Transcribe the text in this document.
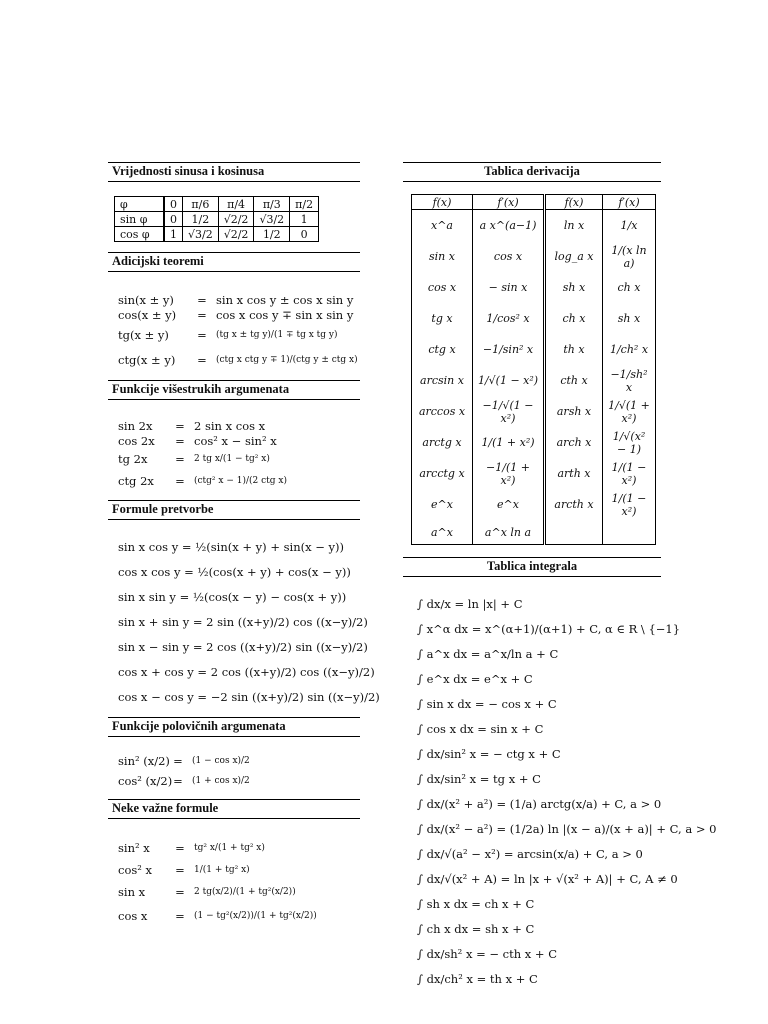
Vrijednosti sinusa i kosinusa
φ	0	π/6	π/4	π/3	π/2
sin φ	0	1/2	√2/2	√3/2	1
cos φ	1	√3/2	√2/2	1/2	0
Adicijski teoremi
sin(x ± y)	= sin x cos y ± cos x sin y
cos(x ± y)	= cos x cos y ∓ sin x sin y
tg(x ± y)	=	(tg x ± tg y)/(1 ∓ tg x tg y)
ctg(x ± y)	=	(ctg x ctg y ∓ 1)/(ctg y ± ctg x)
Funkcije višestrukih argumenata
sin 2x	= 2 sin x cos x
cos 2x	= cos² x − sin² x
tg 2x	=	2 tg x/(1 − tg² x)
ctg 2x	=	(ctg² x − 1)/(2 ctg x)
Formule pretvorbe
sin x cos y = ½(sin(x + y) + sin(x − y))
cos x cos y = ½(cos(x + y) + cos(x − y))
sin x sin y = ½(cos(x − y) − cos(x + y))
sin x + sin y = 2 sin ((x+y)/2) cos ((x−y)/2)
sin x − sin y = 2 cos ((x+y)/2) sin ((x−y)/2)
cos x + cos y = 2 cos ((x+y)/2) cos ((x−y)/2)
cos x − cos y = −2 sin ((x+y)/2) sin ((x−y)/2)
Funkcije polovičnih argumenata
sin² (x/2) =	(1 − cos x)/2
cos² (x/2) =	(1 + cos x)/2
Neke važne formule
sin² x	=	tg² x/(1 + tg² x)
cos² x	=	1/(1 + tg² x)
sin x	=	2 tg(x/2)/(1 + tg²(x/2))
cos x	=	(1 − tg²(x/2))/(1 + tg²(x/2))
Tablica derivacija
f(x)	f′(x)	f(x)	f′(x)
x^a	a x^(a−1)	ln x	1/x
sin x	cos x	log_a x	1/(x ln a)
cos x	− sin x	sh x	ch x
tg x	1/cos² x	ch x	sh x
ctg x	−1/sin² x	th x	1/ch² x
arcsin x	1/√(1 − x²)	cth x	−1/sh² x
arccos x	−1/√(1 − x²)	arsh x	1/√(1 + x²)
arctg x	1/(1 + x²)	arch x	1/√(x² − 1)
arcctg x	−1/(1 + x²)	arth x	1/(1 − x²)
e^x	e^x	arcth x	1/(1 − x²)
a^x	a^x ln a		
Tablica integrala
∫ dx/x = ln |x| + C
∫ x^α dx = x^(α+1)/(α+1) + C, α ∈ R \ {−1}
∫ a^x dx = a^x/ln a + C
∫ e^x dx = e^x + C
∫ sin x dx = − cos x + C
∫ cos x dx = sin x + C
∫ dx/sin² x = − ctg x + C
∫ dx/sin² x = tg x + C
∫ dx/(x² + a²) = (1/a) arctg(x/a) + C, a > 0
∫ dx/(x² − a²) = (1/2a) ln |(x − a)/(x + a)| + C, a > 0
∫ dx/√(a² − x²) = arcsin(x/a) + C, a > 0
∫ dx/√(x² + A) = ln |x + √(x² + A)| + C, A ≠ 0
∫ sh x dx = ch x + C
∫ ch x dx = sh x + C
∫ dx/sh² x = − cth x + C
∫ dx/ch² x = th x + C
